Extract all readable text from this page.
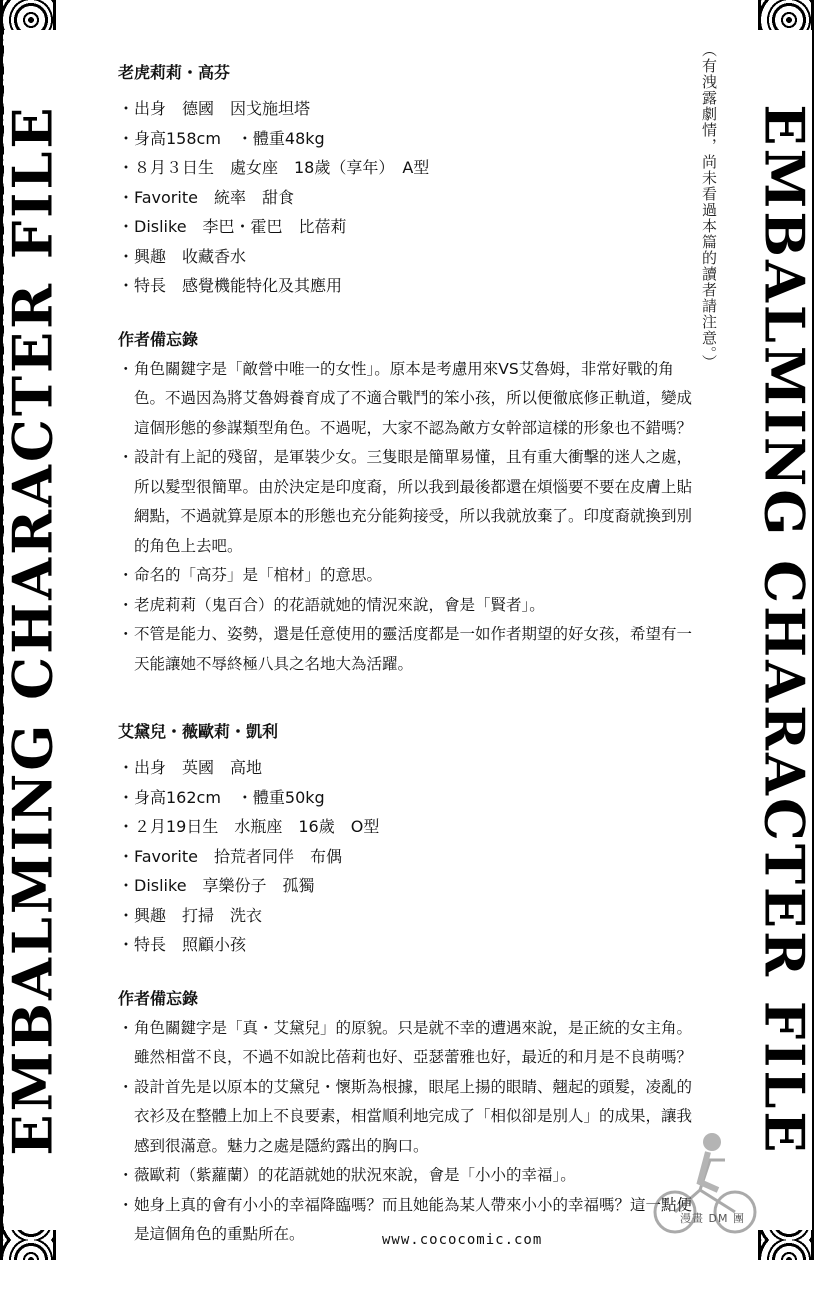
EMBALMING CHARACTER FILE	EMBALMING CHARACTER FILE
（有洩露劇情，尚未看過本篇的讀者請注意。）
老虎莉莉・高芬
・出身　德國　因戈施坦塔
・身高158cm　・體重48kg
・８月３日生　處女座　18歲（享年）　A型
・Favorite　統率　甜食
・Dislike　李巴・霍巴　比蓓莉
・興趣　收藏香水
・特長　感覺機能特化及其應用
作者備忘錄
・角色關鍵字是「敵營中唯一的女性」。原本是考慮用來VS艾魯姆，非常好戰的角色。不過因為將艾魯姆養育成了不適合戰鬥的笨小孩，所以便徹底修正軌道，變成這個形態的參謀類型角色。不過呢，大家不認為敵方女幹部這樣的形象也不錯嗎？
・設計有上記的殘留，是軍裝少女。三隻眼是簡單易懂，且有重大衝擊的迷人之處，所以髮型很簡單。由於決定是印度裔，所以我到最後都還在煩惱要不要在皮膚上貼網點，不過就算是原本的形態也充分能夠接受，所以我就放棄了。印度裔就換到別的角色上去吧。
・命名的「高芬」是「棺材」的意思。
・老虎莉莉（鬼百合）的花語就她的情況來說，會是「賢者」。
・不管是能力、姿勢，還是任意使用的靈活度都是一如作者期望的好女孩，希望有一天能讓她不辱終極八具之名地大為活躍。
艾黛兒・薇歐莉・凱利
・出身　英國　高地
・身高162cm　・體重50kg
・２月19日生　水瓶座　16歲　O型
・Favorite　拾荒者同伴　布偶
・Dislike　享樂份子　孤獨
・興趣　打掃　洗衣
・特長　照顧小孩
作者備忘錄
・角色關鍵字是「真・艾黛兒」的原貌。只是就不幸的遭遇來說，是正統的女主角。雖然相當不良，不過不如說比蓓莉也好、亞瑟蕾雅也好，最近的和月是不良萌嗎？
・設計首先是以原本的艾黛兒・懷斯為根據，眼尾上揚的眼睛、翹起的頭髮，凌亂的衣衫及在整體上加上不良要素，相當順利地完成了「相似卻是別人」的成果，讓我感到很滿意。魅力之處是隱約露出的胸口。
・薇歐莉（紫蘿蘭）的花語就她的狀況來說，會是「小小的幸福」。
・她身上真的會有小小的幸福降臨嗎？而且她能為某人帶來小小的幸福嗎？這一點便是這個角色的重點所在。
漫畫 DM 團
www.cococomic.com
